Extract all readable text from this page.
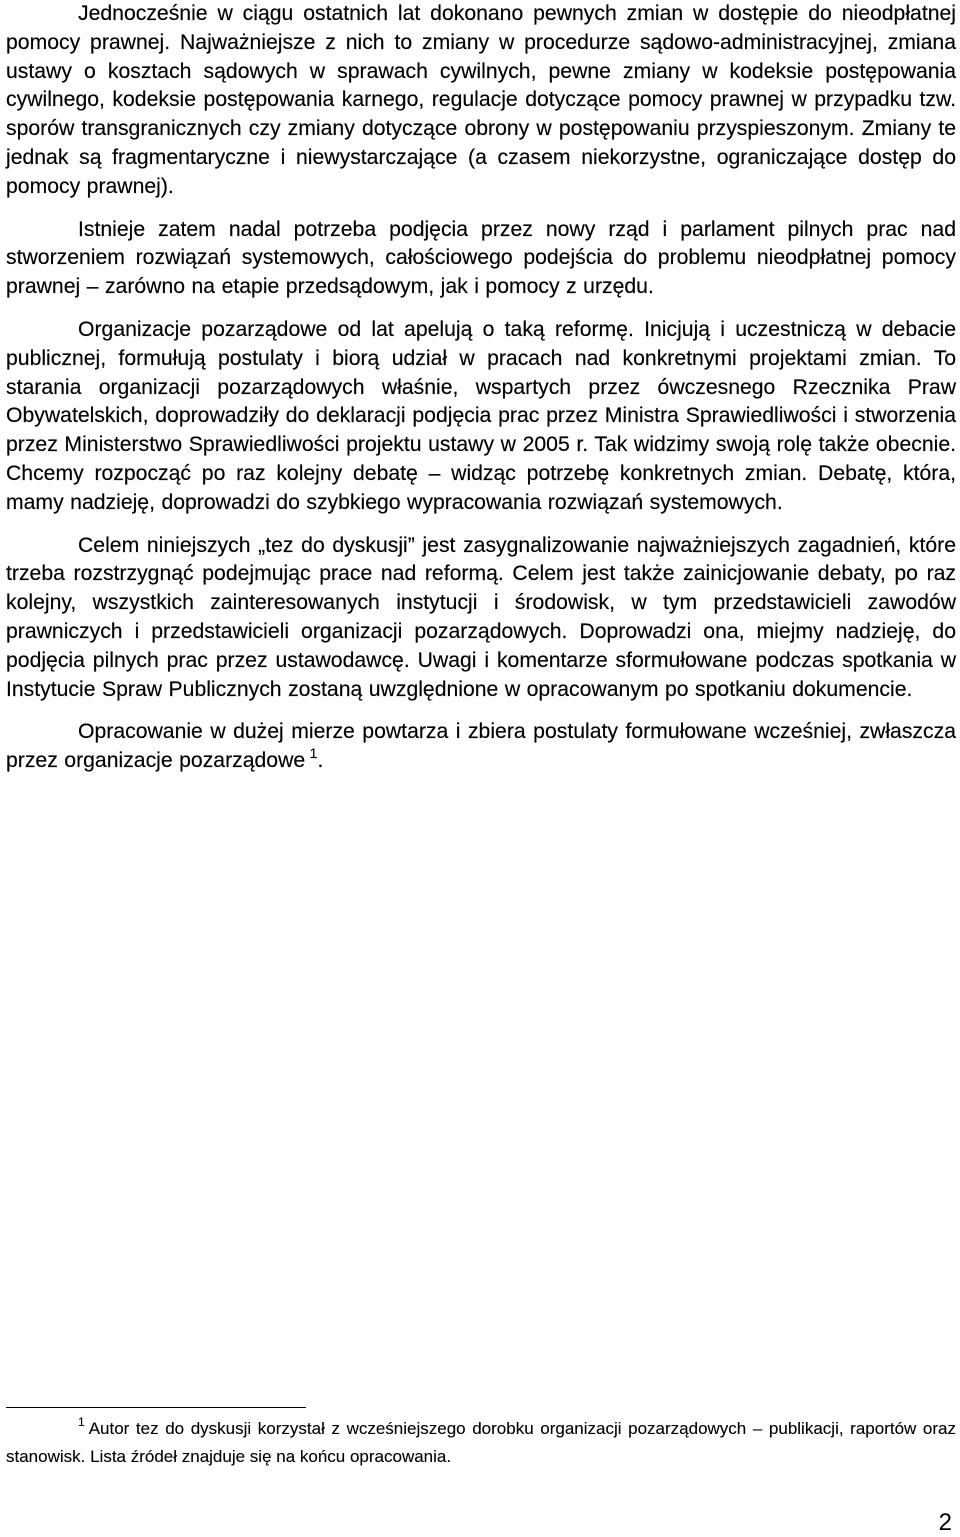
Jednocześnie w ciągu ostatnich lat dokonano pewnych zmian w dostępie do nieodpłatnej pomocy prawnej. Najważniejsze z nich to zmiany w procedurze sądowo-administracyjnej, zmiana ustawy o kosztach sądowych w sprawach cywilnych, pewne zmiany w kodeksie postępowania cywilnego, kodeksie postępowania karnego, regulacje dotyczące pomocy prawnej w przypadku tzw. sporów transgranicznych czy zmiany dotyczące obrony w postępowaniu przyspieszonym. Zmiany te jednak są fragmentaryczne i niewystarczające (a czasem niekorzystne, ograniczające dostęp do pomocy prawnej).

Istnieje zatem nadal potrzeba podjęcia przez nowy rząd i parlament pilnych prac nad stworzeniem rozwiązań systemowych, całościowego podejścia do problemu nieodpłatnej pomocy prawnej – zarówno na etapie przedsądowym, jak i pomocy z urzędu.

Organizacje pozarządowe od lat apelują o taką reformę. Inicjują i uczestniczą w debacie publicznej, formułują postulaty i biorą udział w pracach nad konkretnymi projektami zmian. To starania organizacji pozarządowych właśnie, wspartych przez ówczesnego Rzecznika Praw Obywatelskich, doprowadziły do deklaracji podjęcia prac przez Ministra Sprawiedliwości i stworzenia przez Ministerstwo Sprawiedliwości projektu ustawy w 2005 r. Tak widzimy swoją rolę także obecnie. Chcemy rozpocząć po raz kolejny debatę – widząc potrzebę konkretnych zmian. Debatę, która, mamy nadzieję, doprowadzi do szybkiego wypracowania rozwiązań systemowych.

Celem niniejszych „tez do dyskusji” jest zasygnalizowanie najważniejszych zagadnień, które trzeba rozstrzygnąć podejmując prace nad reformą. Celem jest także zainicjowanie debaty, po raz kolejny, wszystkich zainteresowanych instytucji i środowisk, w tym przedstawicieli zawodów prawniczych i przedstawicieli organizacji pozarządowych. Doprowadzi ona, miejmy nadzieję, do podjęcia pilnych prac przez ustawodawcę. Uwagi i komentarze sformułowane podczas spotkania w Instytucie Spraw Publicznych zostaną uwzględnione w opracowanym po spotkaniu dokumencie.

Opracowanie w dużej mierze powtarza i zbiera postulaty formułowane wcześniej, zwłaszcza przez organizacje pozarządowe $^1$.

$^1$ Autor tez do dyskusji korzystał z wcześniejszego dorobku organizacji pozarządowych – publikacji, raportów oraz stanowisk. Lista źródeł znajduje się na końcu opracowania.
2
